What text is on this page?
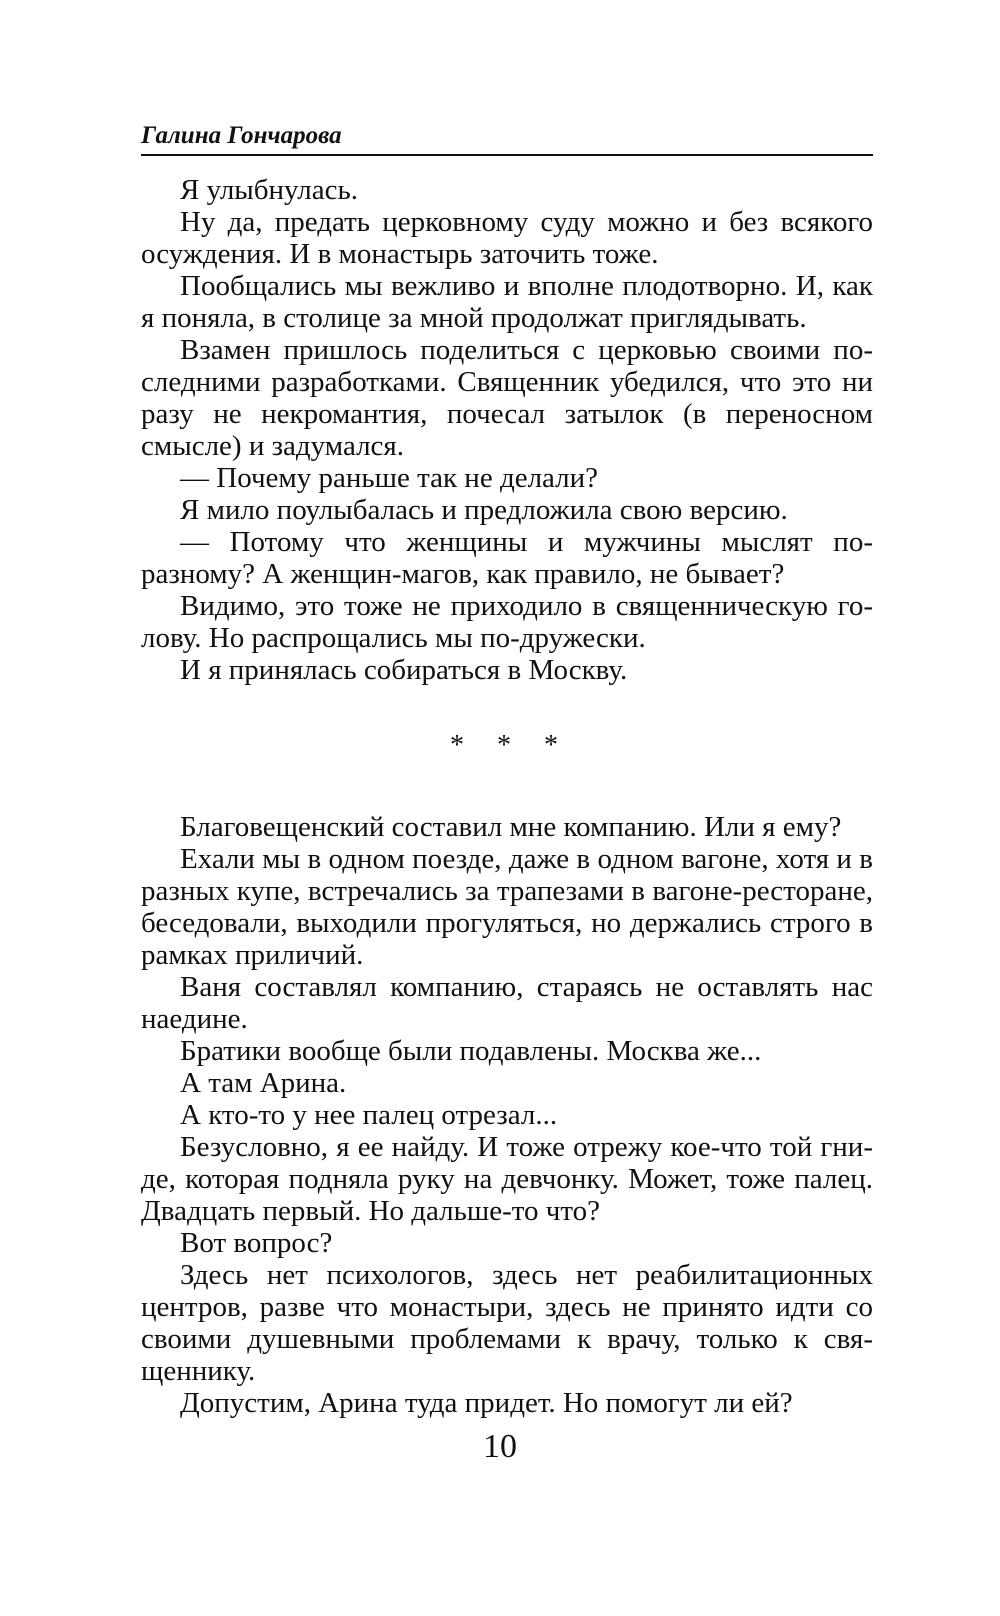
Галина Гончарова

Я улыбнулась.

Ну да, предать церковному суду можно и без всякого осуждения. И в монастырь заточить тоже.

Пообщались мы вежливо и вполне плодотворно. И, как я поняла, в столице за мной продолжат приглядывать.

Взамен пришлось поделиться с церковью своими последними разработками. Священник убедился, что это ни разу не некромантия, почесал затылок (в переносном смысле) и задумался.

— Почему раньше так не делали?

Я мило поулыбалась и предложила свою версию.

— Потому что женщины и мужчины мыслят поразному? А женщин-магов, как правило, не бывает?

Видимо, это тоже не приходило в священническую голову. Но распрощались мы по-дружески.

И я принялась собираться в Москву.

* * *

Благовещенский составил мне компанию. Или я ему?

Ехали мы в одном поезде, даже в одном вагоне, хотя и в разных купе, встречались за трапезами в вагоне-ресторане, беседовали, выходили прогуляться, но держались строго в рамках приличий.

Ваня составлял компанию, стараясь не оставлять нас наедине.

Братики вообще были подавлены. Москва же...

А там Арина.

А кто-то у нее палец отрезал...

Безусловно, я ее найду. И тоже отрежу кое-что той гниде, которая подняла руку на девчонку. Может, тоже палец. Двадцать первый. Но дальше-то что?

Вот вопрос?

Здесь нет психологов, здесь нет реабилитационных центров, разве что монастыри, здесь не принято идти со своими душевными проблемами к врачу, только к священнику.

Допустим, Арина туда придет. Но помогут ли ей?

10
